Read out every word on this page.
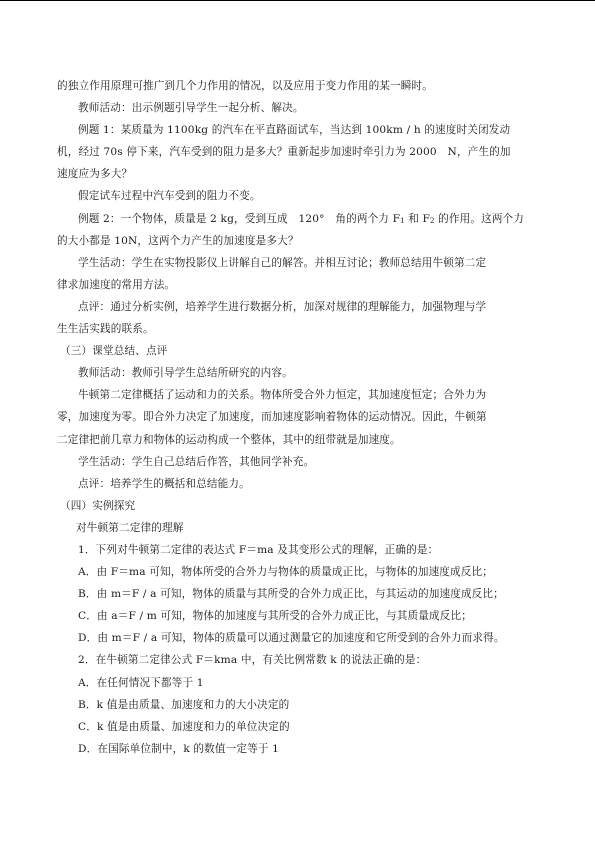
的独立作用原理可推广到几个力作用的情况，以及应用于变力作用的某一瞬时。
教师活动：出示例题引导学生一起分析、解决。
例题 1：某质量为 1100kg 的汽车在平直路面试车，当达到 100km / h 的速度时关闭发动
机，经过 70s 停下来，汽车受到的阻力是多大？重新起步加速时牵引力为 2000　N，产生的加
速度应为多大？
假定试车过程中汽车受到的阻力不变。
例题 2：一个物体，质量是 2 kg，受到互成　120°　角的两个力 $F_1$ 和 $F_2$ 的作用。这两个力
的大小都是 10N，这两个力产生的加速度是多大？
学生活动：学生在实物投影仪上讲解自己的解答。并相互讨论；教师总结用牛顿第二定
律求加速度的常用方法。
点评：通过分析实例，培养学生进行数据分析，加深对规律的理解能力，加强物理与学
生生活实践的联系。
（三）课堂总结、点评
教师活动：教师引导学生总结所研究的内容。
牛顿第二定律概括了运动和力的关系。物体所受合外力恒定，其加速度恒定；合外力为
零，加速度为零。即合外力决定了加速度，而加速度影响着物体的运动情况。因此，牛顿第
二定律把前几章力和物体的运动构成一个整体，其中的纽带就是加速度。
学生活动：学生自己总结后作答，其他同学补充。
点评：培养学生的概括和总结能力。
（四）实例探究
对牛顿第二定律的理解
1．下列对牛顿第二定律的表达式 F＝ma 及其变形公式的理解，正确的是：
A．由 F＝ma 可知，物体所受的合外力与物体的质量成正比，与物体的加速度成反比；
B．由 m＝F / a 可知，物体的质量与其所受的合外力成正比，与其运动的加速度成反比；
C．由 a＝F / m 可知，物体的加速度与其所受的合外力成正比，与其质量成反比；
D．由 m＝F / a 可知，物体的质量可以通过测量它的加速度和它所受到的合外力而求得。
2．在牛顿第二定律公式 F＝kma 中，有关比例常数 k 的说法正确的是：
A．在任何情况下都等于 1
B．k 值是由质量、加速度和力的大小决定的
C．k 值是由质量、加速度和力的单位决定的
D．在国际单位制中，k 的数值一定等于 1
